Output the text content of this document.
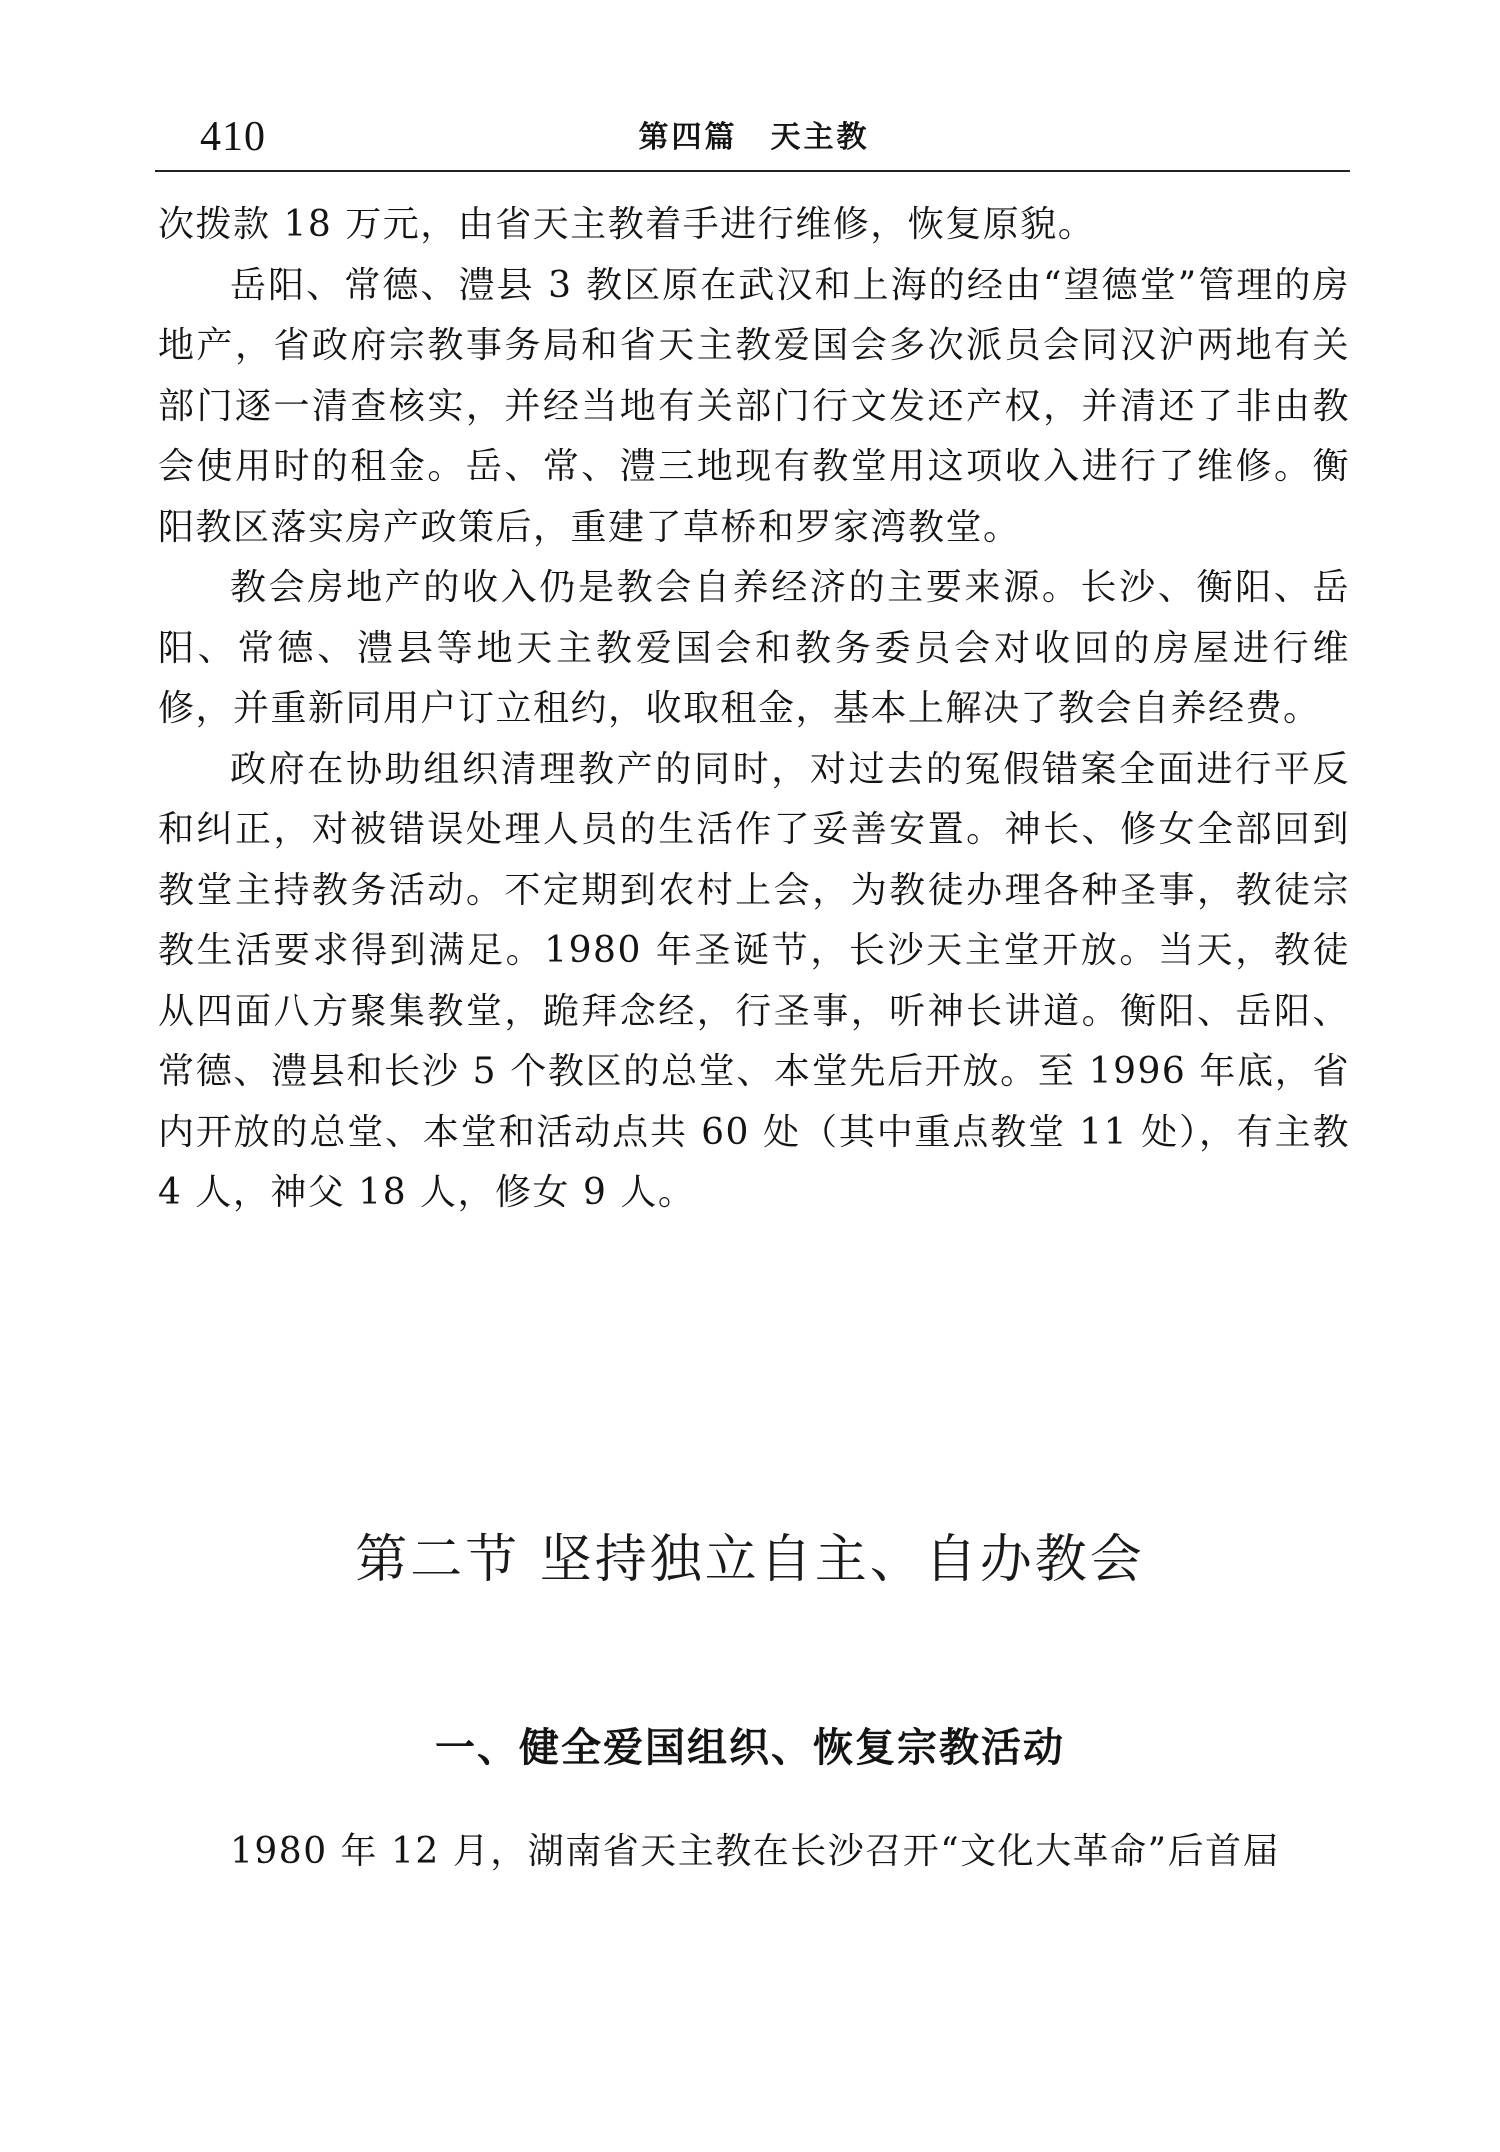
410	第四篇　天主教

次拨款 18 万元，由省天主教着手进行维修，恢复原貌。

岳阳、常德、澧县 3 教区原在武汉和上海的经由“望德堂”管理的房地产，省政府宗教事务局和省天主教爱国会多次派员会同汉沪两地有关部门逐一清查核实，并经当地有关部门行文发还产权，并清还了非由教会使用时的租金。岳、常、澧三地现有教堂用这项收入进行了维修。衡阳教区落实房产政策后，重建了草桥和罗家湾教堂。

教会房地产的收入仍是教会自养经济的主要来源。长沙、衡阳、岳阳、常德、澧县等地天主教爱国会和教务委员会对收回的房屋进行维修，并重新同用户订立租约，收取租金，基本上解决了教会自养经费。

政府在协助组织清理教产的同时，对过去的冤假错案全面进行平反和纠正，对被错误处理人员的生活作了妥善安置。神长、修女全部回到教堂主持教务活动。不定期到农村上会，为教徒办理各种圣事，教徒宗教生活要求得到满足。1980 年圣诞节，长沙天主堂开放。当天，教徒从四面八方聚集教堂，跪拜念经，行圣事，听神长讲道。衡阳、岳阳、常德、澧县和长沙 5 个教区的总堂、本堂先后开放。至 1996 年底，省内开放的总堂、本堂和活动点共 60 处（其中重点教堂 11 处），有主教 4 人，神父 18 人，修女 9 人。

第二节 坚持独立自主、自办教会
一、健全爱国组织、恢复宗教活动

1980 年 12 月，湖南省天主教在长沙召开“文化大革命”后首届
